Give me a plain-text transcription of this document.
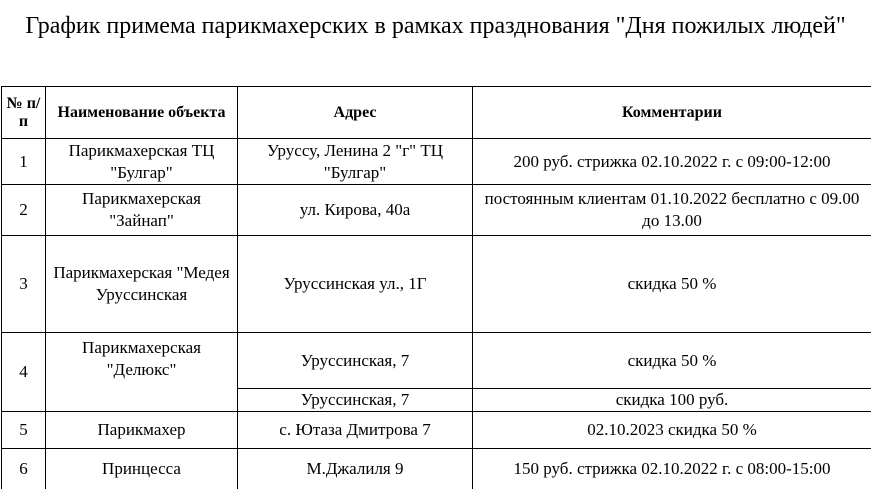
График примема парикмахерских в рамках празднования "Дня пожилых людей"
№ п/п	Наименование объекта	Адрес	Комментарии
1	Парикмахерская ТЦ "Булгар"	Уруссу, Ленина 2 "г" ТЦ "Булгар"	200 руб. стрижка 02.10.2022 г. с 09:00-12:00
2	Парикмахерская "Зайнап"	ул. Кирова, 40а	постоянным клиентам 01.10.2022 бесплатно с 09.00 до 13.00
3	Парикмахерская "Медея Уруссинская	Уруссинская ул., 1Г	скидка 50 %
4	Парикмахерская "Делюкс"	Уруссинская, 7	скидка 50 %
		Уруссинская, 7	скидка 100 руб.
5	Парикмахер	с. Ютаза Дмитрова 7	02.10.2023 скидка 50 %
6	Принцесса	М.Джалиля 9	150 руб. стрижка 02.10.2022 г. с 08:00-15:00
